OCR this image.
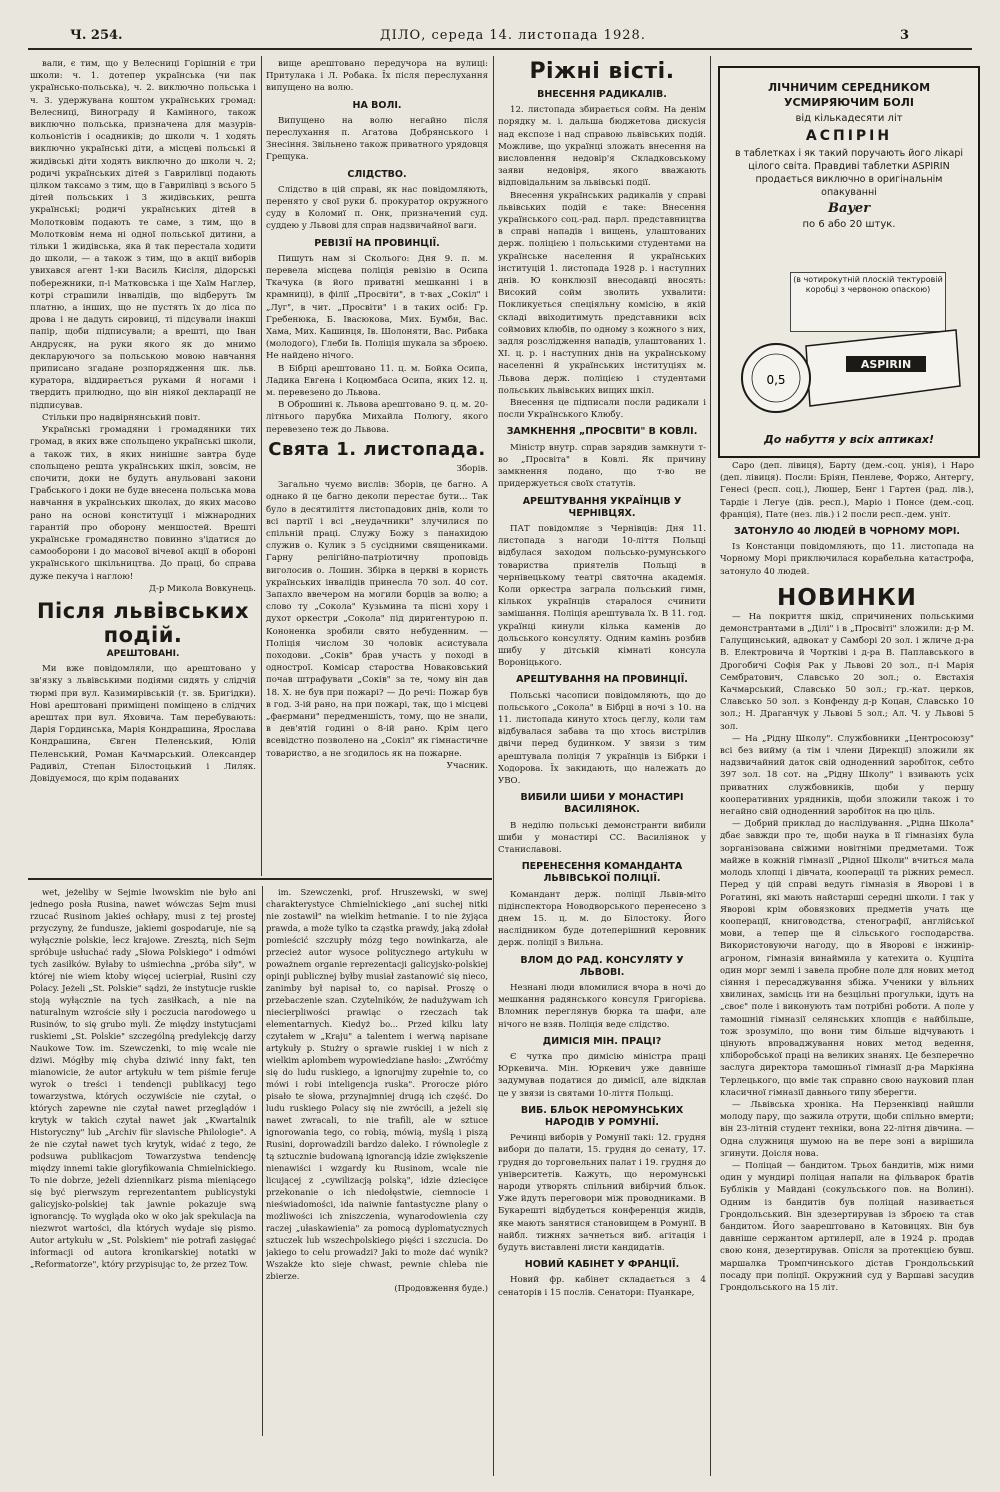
Ч. 254.	ДІЛО, середа 14. листопада 1928.	3

вали, є тим, що у Велесниці Горішній є три школи: ч. 1. дотепер українська (чи пак українсько-польська), ч. 2. виключно польська і ч. 3. удержувана коштом українських громад: Велесниці, Винограду й Камінного, також виключно польська, призначена для мазурів-кольоністів і осадників; до школи ч. 1 ходять виключно українські діти, а місцеві польські й жидівські діти ходять виключно до школи ч. 2; родичі українських дітей з Гаврилівці подають цілком таксамо з тим, що в Гаврилівці з всього 5 дітей польських і 3 жидівських, решта українські; родичі українських дітей в Молотковім подають те саме, з тим, що в Молотковім нема ні одної польської дитини, а тільки 1 жидівська, яка й так перестала ходити до школи, — а також з тим, що в акції виборів увихався агент 1-ки Василь Кисіля, дідорські побережники, п-і Матковська і ще Хаїм Наглер, котрі страшили інвалідів, що відберуть їм платню, а інших, що не пустять їх до ліса по дрова і не дадуть сировиці, ті підсували інакші папір, щоби підписували; а врешті, що Іван Андрусяк, на руки якого як до мнимо декларуючого за польською мовою навчання приписано згадане розпорядження шк. льв. куратора, віддирається руками й ногами і твердить прилюдно, що він ніякої декларації не підписував.

Стільки про надвірнянський повіт.

Українські громадяни і громадяники тих громад, в яких вже спольщено українські школи, а також тих, в яких нинішнє завтра буде спольщено решта українських шкіл, зовсім, не спочити, доки не будуть анульовані закони Грабського і доки не буде внесена польська мова навчання в українських школах, до яких масово рано на основі конституції і міжнародних гарантій про оборону меншостей. Врешті українське громадянство повинно з'ідатися до самооборони і до масової вічевої акції в обороні українського шкільництва. До праці, бо справа дуже пекуча і наглою!

Д-р Микола Вовкунець.

Після львівських подій.
АРЕШТОВАНІ.

Ми вже повідомляли, що арештовано у зв'язку з львівськими подіями сидять у слідчій тюрмі при вул. Казимирівській (т. зв. Бригідки). Нові арештовані приміщені поміщено в слідчих арештах при вул. Яховича. Там перебувають: Дарія Гординська, Марія Кондрашина, Ярослава Кондрашина, Євген Пеленський, Юлій Пеленський, Роман Качмарський. Олександер Радивіл, Степан Білостоцький і Лиляк. Довідуємося, що крім подаваних

вище арештовано передучора на вулиці: Притулака і Л. Робака. Їх після переслухання випущено на волю.

НА ВОЛІ.

Випущено на волю негайно після переслухання п. Агатова Добрянського і Знесіння. Звільнено також приватного урядовця Грещука.

СЛІДСТВО.

Слідство в цій справі, як нас повідомляють, перенято у свої руки б. прокуратор окружного суду в Коломиї п. Онк, призначений суд. суддею у Львові для справ надзвичайної ваги.

РЕВІЗІЇ НА ПРОВИНЦІЇ.

Пишуть нам зі Сколього: Дня 9. п. м. перевела місцева поліція ревізію в Осипа Ткачука (в його приватні мешканні і в крамниці), в філії „Просвіти", в т-вах „Сокіл" і „Луг", в чит. „Просвіти" і в таких осіб: Гр. Гребенюка, Б. Івасюкова, Мих. Бумби, Вас. Хама, Мих. Кашинця, Ів. Шолоняти, Вас. Рибака (молодого), Глеби Ів. Поліція шукала за зброєю. Не найдено нічого.

В Бібрці арештовано 11. ц. м. Бойка Осипа, Ладика Евгена і Коцюмбаса Осипа, яких 12. ц. м. перевезено до Львова.

В Оброшині к. Львова арештовано 9. ц. м. 20-літнього парубка Михайла Полюгу, якого перевезено теж до Львова.

Свята 1. листопада.

Зборів.

Загально чуємо вислів: Зборів, це багно. А однако й це багно деколи перестає бути... Так було в десятиліття листопадових днів, коли то всі партії і всі „неудачники" злучилися по спільній праці. Служу Божу з панахидою служив о. Кулик з 5 сусідними священиками. Гарну релігійно-патріотичну проповідь виголосив о. Лошин. Збірка в церкві в користь українських інвалідів принесла 70 зол. 40 сот. Запахло ввечером на могили борців за волю; а слово ту „Сокола" Кузьмина та пісні хору і духот оркестри „Сокола" під диригентурою п. Кононенка зробили свято небуденним. — Поліція числом 30 чоловік асистувала походови. „Соків" брав участь у поході в однострої. Комісар староства Новаковський почав штрафувати „Соків" за те, чому він дав 18. Х. не був при пожарі? — До речі: Пожар був в год. 3-ій рано, на при пожарі, так, що і місцеві „фаєрмани" передменшість, тому, що не знали, в дев'ятій годині о 8-ій рано. Крім цего всевідстно позволено на „Сокіл" як гімнастичне товариство, а не згодилось як на пожарне.

Учасник.

wet, jeżeliby w Sejmie lwowskim nie było ani jednego posła Rusina, nawet wówczas Sejm musi rzucać Rusinom jakieś ochłapy, musi z tej prostej przyczyny, że fundusze, jakiemi gospodaruje, nie są wyłącznie polskie, lecz krajowe. Zresztą, nich Sejm spróbuje usłuchać rady „Słowa Polskiego" i odmówi tych zasiłków. Byłaby to uśmiechna „próba siły", w której nie wiem ktoby więcej ucierpiał, Rusini czy Polacy. Jeżeli „St. Polskie" sądzi, że instytucje ruskie stoją wyłącznie na tych zasiłkach, a nie na naturalnym wzroście siły i poczucia narodowego u Rusinów, to się grubo myli. Że między instytucjami ruskiemi „St. Polskie" szczególną predylekcję darzy Naukowe Tow. im. Szewczenki, to mię wcale nie dziwi. Mógłby mię chyba dziwić inny fakt, ten mianowicie, że autor artykułu w tem piśmie feruje wyrok o treści i tendencji publikacyj tego towarzystwa, których oczywiście nie czytał, o których zapewne nie czytał nawet przeglądów i krytyk w takich czytał nawet jak „Kwartalnik Historyczny" lub „Archiv für slavische Philologie". A że nie czytał nawet tych krytyk, widać z tego, że podsuwa publikacjom Towarzystwa tendencję między innemi takie gloryfikowania Chmielnickiego. To nie dobrze, jeżeli dziennikarz pisma mieniącego się być pierwszym reprezentantem publicystyki galicyjsko-polskiej tak jawnie pokazuje swą ignorancję. To wygląda oko w oko jak spekulacja na niezwrot wartości, dla których wydaje się pismo. Autor artykułu w „St. Polskiem" nie potrafi zasięgać informacji od autora kronikarskiej notatki w „Reformatorze", który przypisując to, że przez Tow.

im. Szewczenki, prof. Hruszewski, w swej charakterystyce Chmielnickiego „ani suchej nitki nie zostawił" na wielkim hetmanie. I to nie żyjąca prawda, a może tylko ta cząstka prawdy, jaką zdołał pomieścić szczupły mózg tego nowinkarza, ale przecież autor wysoce politycznego artykułu w poważnem organie reprezentacji galicyjsko-polskiej opinji publicznej byłby musiał zastanowić się nieco, zanimby był napisał to, co napisał. Proszę o przebaczenie szan. Czytelników, że nadużywam ich niecierpliwości prawiąc o rzeczach tak elementarnych. Kiedyż bo... Przed kilku laty czytałem w „Kraju" a talentem i werwą napisane artykuły p. Stużry o sprawie ruskiej i w nich z wielkim aplombem wypowiedziane hasło: „Zwróćmy się do ludu ruskiego, a ignorujmy zupełnie to, co mówi i robi inteligencja ruska". Prorocze pióro pisało te słowa, przynajmniej drugą ich część. Do ludu ruskiego Polacy się nie zwrócili, a jeżeli się nawet zwracali, to nie trafili, ale w sztuce ignorowania tego, co robią, mówią, myślą i piszą Rusini, doprowadzili bardzo daleko. I równolegle z tą sztucznie budowaną ignorancją idzie zwiększenie nienawiści i wzgardy ku Rusinom, wcale nie licującej z „cywilizacją polską", idzie dziecięce przekonanie o ich niedołęstwie, ciemnocie i nieświadomości, ida naiwnie fantastyczne plany o możliwości ich zniszczenia, wynarodowienia czy raczej „ułaskawienia" za pomocą dyplomatycznych sztuczek lub wszechpolskiego pięści i szczucia. Do jakiego to celu prowadzi? Jaki to może dać wynik? Wszakże kto sieje chwast, pewnie chleba nie zbierze.

(Продовження буде.)

Ріжні вісті.
ВНЕСЕННЯ РАДИКАЛІВ.

12. листопада збирається сойм. На денім порядку м. і. дальша бюджетова дискусія над експозе і над справою львівських подій. Можливе, що українці зложать внесення на висловлення недовір'я Складковському заяви недовіря, якого вважають відповідальним за львівські події.

Внесення українських радикалів у справі львівських подій є таке: Внесення українського соц.-рад. парл. представництва в справі нападів і вищень, улаштованих держ. поліцією і польськими студентами на українське населення й українських інституцій 1. листопада 1928 р. і наступних днів. Ю конклюзії внесодавці вносять: Високий сойм зволить ухвалити: Покликується спеціяльну комісію, в якій складі ввіходитимуть представники всіх соймових клюбів, по одному з кожного з них, задля розслідження нападів, улаштованих 1. XI. ц. р. і наступних днів на українському населенні й українських інституціях м. Львова держ. поліцією і студентами польських львівських вищих шкіл.

Внесення це підписали посли радикали і посли Українського Клюбу.

ЗАМКНЕННЯ „ПРОСВІТИ" В КОВЛІ.

Міністр внутр. справ зарядив замкнути т-во „Просвіта" в Ковлі. Як причину замкнення подано, що т-во не придержується своїх статутів.

АРЕШТУВАННЯ УКРАЇНЦІВ У ЧЕРНІВЦЯХ.

ПАТ повідомляє з Чернівців: Дня 11. листопада з нагоди 10-ліття Польщі відбулася заходом польсько-румунського товариства приятелів Польщі в чернівецькому театрі святочна академія. Коли оркестра заграла польський гимн, кількох українців старалося счинити замішання. Поліція арештувала їх. В 11. год. українці кинули кілька каменів до дольського консуляту. Одним камінь розбив шибу у дітській кімнаті консула Вороніцького.

АРЕШТУВАННЯ НА ПРОВИНЦІЇ.

Польські часописи повідомляють, що до польського „Сокола" в Бібрці в ночі з 10. на 11. листопада кинуто хтось цеглу, коли там відбувалася забава та що хтось вистрілив двічи перед будинком. У звязи з тим арештувала поліція 7 українців із Бібрки і Ходорова. Їх закидають, що належать до УВО.

ВИБИЛИ ШИБИ У МОНАСТИРІ ВАСИЛІЯНОК.

В неділю польські демонстранти вибили шиби у монастирі СС. Василіянок у Станиславові.

ПЕРЕНЕСЕННЯ КОМАНДАНТА ЛЬВІВСЬКОЇ ПОЛІЦІЇ.

Командант держ. поліції Львів-міто підінспектора Новодворського перенесено з днем 15. ц. м. до Білостоку. Його наслідником буде дотеперішний керовник держ. поліції з Вильна.

ВЛОМ ДО РАД. КОНСУЛЯТУ У ЛЬВОВІ.

Незнані люди вломилися вчора в ночі до мешкання радянського консуля Григорієва. Вломник переглянув бюрка та шафи, але нічого не взяв. Поліція веде слідство.

ДИМІСІЯ МІН. ПРАЦІ?

Є чутка про димісію міністра праці Юркевича. Мін. Юркевич уже давніше задумував податися до димісії, але відклав це у звязи із святами 10-ліття Польщі.

ВИБ. БЛЬОК НЕРОМУНСЬКИХ НАРОДІВ У РОМУНІЇ.

Речинці виборів у Ромунії такі: 12. грудня вибори до палати, 15. грудня до сенату, 17. грудня до торговельних палат і 19. грудня до університетів. Кажуть, що неромунські народи утворять спільний вибірчий бльок. Уже йдуть переговори між проводниками. В Букарешті відбудеться конференція жидів, яке мають занятися становищем в Ромунії. В найбл. тижнях зачнеться виб. агітація і будуть виставлені листи кандидатів.

НОВИЙ КАБІНЕТ У ФРАНЦІЇ.

Новий фр. кабінет складається з 4 сенаторів і 15 послів. Сенатори: Пуанкаре,

ЛІЧНИЧИМ СЕРЕДНИКОМ УСМИРЯЮЧИМ БОЛІ
від кількадесяти літ
АСПІРІН
в таблетках і як такий поручають його лікарі цілого світа. Правдиві таблетки ASPIRIN продається виключно в оригінальнім опакуванні
Bayer
по 6 або 20 штук.
(в чотирокутній плоскій тектуровій коробці з червоною опаскою)
ASPIRIN
0,5
До набуття у всіх аптиках!

Саро (деп. лівиця), Барту (дем.-соц. унія), і Наро (деп. лівиця). Посли: Бріян, Пенлеве, Форжо, Антергу, Генесі (респ. соц.), Люшер, Бенг і Гартен (рад. лів.), Тардіє і Легуе (дів. респ.), Маріо і Понсе (дем.-соц. франція), Пате (нез. лів.) і 2 посли респ.-дем. уніт.

ЗАТОНУЛО 40 ЛЮДЕЙ В ЧОРНОМУ МОРІ.

Із Констанци повідомляють, що 11. листопада на Чорному Морі приключилася корабельна катастрофа, затонуло 40 людей.

НОВИНКИ

— На покриття шкід, спричинених польськими демонстрантами в „Ділі" і в „Просвіті" зложили: д-р М. Галущинський, адвокат у Самборі 20 зол. і жличе д-ра В. Електровича й Чортківі і д-ра В. Паплавського в Дрогобичі Софія Рак у Львові 20 зол., п-і Марія Сембратович, Славсько 20 зол.; о. Евстахія Качмарський, Славсько 50 зол.; гр.-кат. церков, Славсько 50 зол. з Конфенду д-р Коцан, Славсько 10 зол.; Н. Драганчук у Львові 5 зол.; Ал. Ч. у Львові 5 зол.

— На „Рідну Школу". Службовники „Центросоюзу" всі без вийму (а тім і члени Дирекції) зложили як надзвичайний даток свій одноденний заробіток, себто 397 зол. 18 сот. на „Рідну Школу" і взивають усіх приватних службовників, щоби у першу кооперативних урядників, щоби зложили також і то негайно свій одноденний заробіток на цю ціль.

— Добрий приклад до наслідування. „Рідна Школа" дбає завжди про те, щоби наука в її гімназіях була зорганізована свіжими новітніми предметами. Тож майже в кожній гімназії „Рідної Школи" вчиться мала молодь хлопці і дівчата, кооперації та ріжних ремесл. Перед у цій справі ведуть гімназія в Яворові і в Рогатині, які мають найстарші середні школи. І так у Яворові крім обовязкових предметів учать ще кооперації, книговодства, стенографії, англійської мови, а тепер ще й сільського господарства. Використовуючи нагоду, що в Яворові є інжинір-агроном, гімназія винаймила у катехита о. Куцпіта один морг землі і завела пробне поле для нових метод сіяння і пересаджування збіжа. Ученики у вільних хвилинах, замісць іти на безцільні прогульки, ідуть на „своє" поле і виконують там потрібні роботи. А поле у тамошній гімназії селянських хлопців є найбільше, тож зрозуміло, що вони тим більше відчувають і цінують впроваджування нових метод ведення, хліборобської праці на великих знанях. Це безперечно заслуга директора тамошньої гімназії д-ра Маркіяна Терлецького, що вміє так справно свою науковий план класичної гімназії давнього типу зберегти.

— Львівська хроніка. На Перзенківці найшли молоду пару, що зажила отрути, щоби спільно вмерти; він 23-літній студент техніки, вона 22-літня дівчина. — Одна служниця шумою на ве пере зоні а вирішила згинути. Доісля нова.

— Поліцай — бандитом. Трьох бандитів, між ними один у мундирі поліцая напали на фільварок братів Бубліків у Майдані (сокульського пов. на Волині). Одним із бандитів був поліцай називається Грондольський. Він здезертирував із зброєю та став бандитом. Його заарештовано в Катовицях. Він був давніше сержантом артилерії, але в 1924 р. продав свою коня, дезертирував. Опісля за протекцією бувш. маршалка Тромпчинського дістав Грондольський посаду при поліції. Окружний суд у Варшаві засудив Грондольського на 15 літ.
